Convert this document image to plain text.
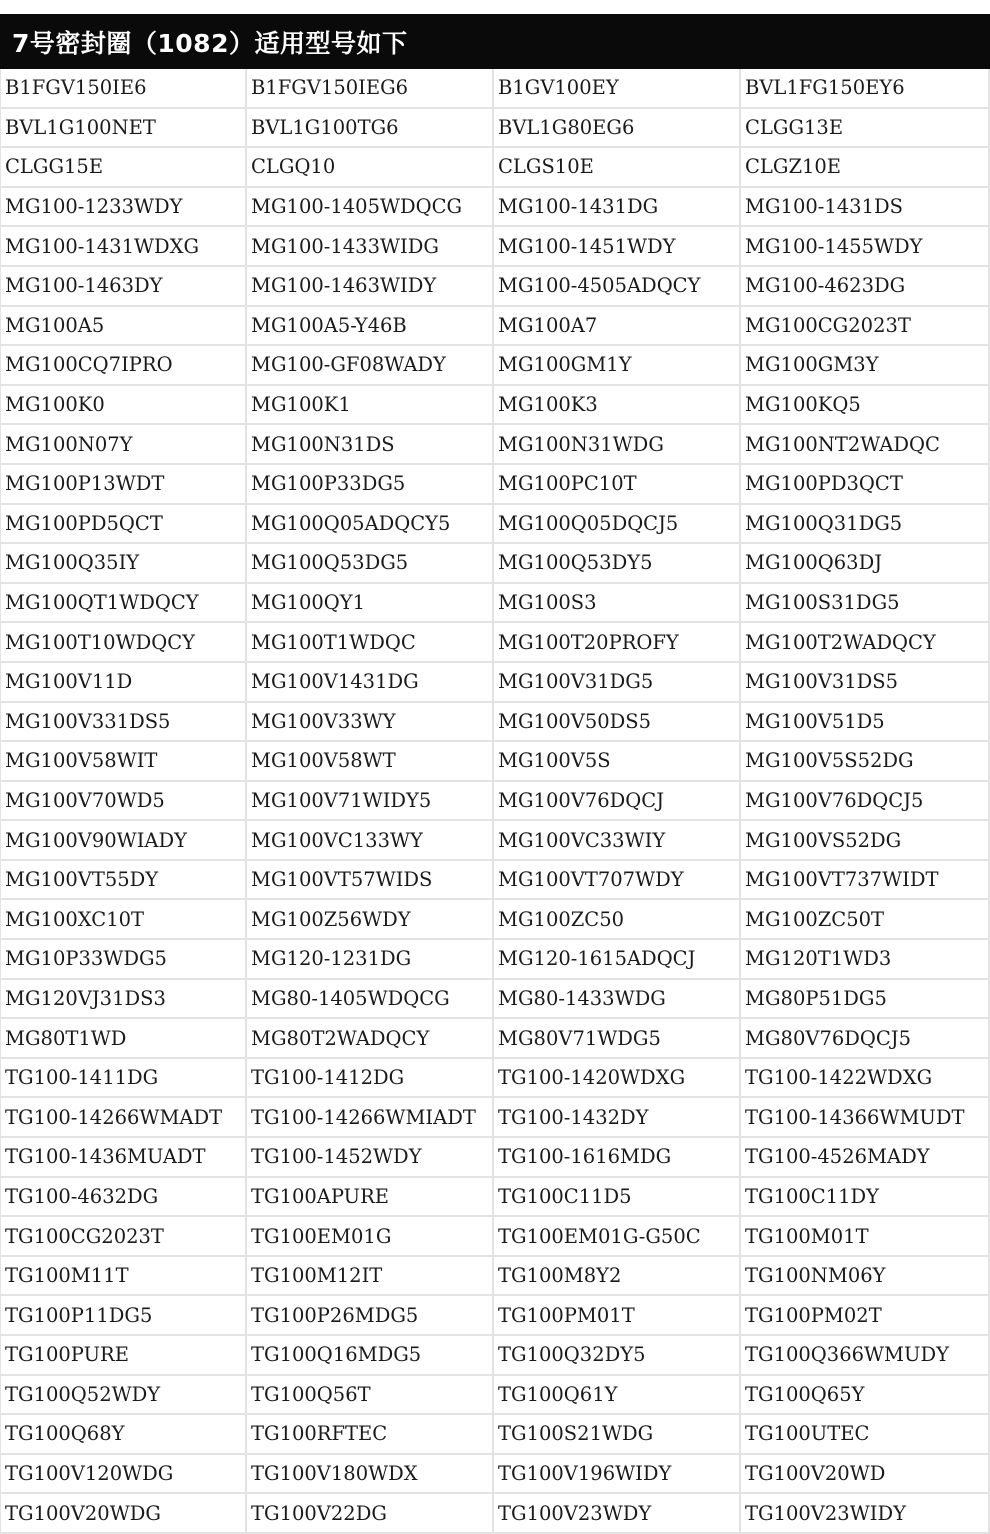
7号密封圈（1082）适用型号如下
B1FGV150IE6	B1FGV150IEG6	B1GV100EY	BVL1FG150EY6
BVL1G100NET	BVL1G100TG6	BVL1G80EG6	CLGG13E
CLGG15E	CLGQ10	CLGS10E	CLGZ10E
MG100-1233WDY	MG100-1405WDQCG	MG100-1431DG	MG100-1431DS
MG100-1431WDXG	MG100-1433WIDG	MG100-1451WDY	MG100-1455WDY
MG100-1463DY	MG100-1463WIDY	MG100-4505ADQCY	MG100-4623DG
MG100A5	MG100A5-Y46B	MG100A7	MG100CG2023T
MG100CQ7IPRO	MG100-GF08WADY	MG100GM1Y	MG100GM3Y
MG100K0	MG100K1	MG100K3	MG100KQ5
MG100N07Y	MG100N31DS	MG100N31WDG	MG100NT2WADQC
MG100P13WDT	MG100P33DG5	MG100PC10T	MG100PD3QCT
MG100PD5QCT	MG100Q05ADQCY5	MG100Q05DQCJ5	MG100Q31DG5
MG100Q35IY	MG100Q53DG5	MG100Q53DY5	MG100Q63DJ
MG100QT1WDQCY	MG100QY1	MG100S3	MG100S31DG5
MG100T10WDQCY	MG100T1WDQC	MG100T20PROFY	MG100T2WADQCY
MG100V11D	MG100V1431DG	MG100V31DG5	MG100V31DS5
MG100V331DS5	MG100V33WY	MG100V50DS5	MG100V51D5
MG100V58WIT	MG100V58WT	MG100V5S	MG100V5S52DG
MG100V70WD5	MG100V71WIDY5	MG100V76DQCJ	MG100V76DQCJ5
MG100V90WIADY	MG100VC133WY	MG100VC33WIY	MG100VS52DG
MG100VT55DY	MG100VT57WIDS	MG100VT707WDY	MG100VT737WIDT
MG100XC10T	MG100Z56WDY	MG100ZC50	MG100ZC50T
MG10P33WDG5	MG120-1231DG	MG120-1615ADQCJ	MG120T1WD3
MG120VJ31DS3	MG80-1405WDQCG	MG80-1433WDG	MG80P51DG5
MG80T1WD	MG80T2WADQCY	MG80V71WDG5	MG80V76DQCJ5
TG100-1411DG	TG100-1412DG	TG100-1420WDXG	TG100-1422WDXG
TG100-14266WMADT	TG100-14266WMIADT	TG100-1432DY	TG100-14366WMUDT
TG100-1436MUADT	TG100-1452WDY	TG100-1616MDG	TG100-4526MADY
TG100-4632DG	TG100APURE	TG100C11D5	TG100C11DY
TG100CG2023T	TG100EM01G	TG100EM01G-G50C	TG100M01T
TG100M11T	TG100M12IT	TG100M8Y2	TG100NM06Y
TG100P11DG5	TG100P26MDG5	TG100PM01T	TG100PM02T
TG100PURE	TG100Q16MDG5	TG100Q32DY5	TG100Q366WMUDY
TG100Q52WDY	TG100Q56T	TG100Q61Y	TG100Q65Y
TG100Q68Y	TG100RFTEC	TG100S21WDG	TG100UTEC
TG100V120WDG	TG100V180WDX	TG100V196WIDY	TG100V20WD
TG100V20WDG	TG100V22DG	TG100V23WDY	TG100V23WIDY
